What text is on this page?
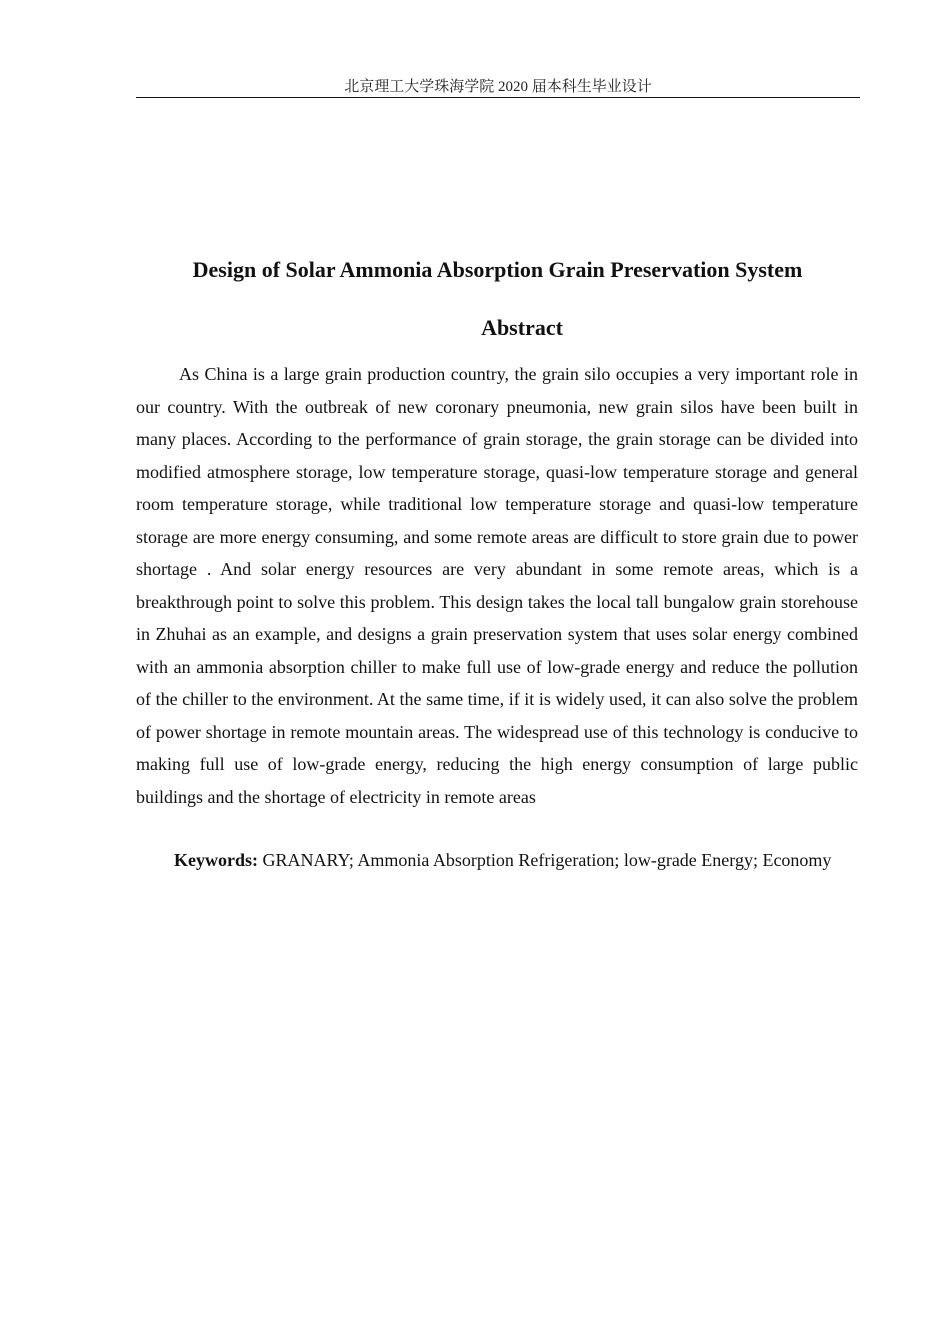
北京理工大学珠海学院 2020 届本科生毕业设计
Design of Solar Ammonia Absorption Grain Preservation System
Abstract

As China is a large grain production country, the grain silo occupies a very important role in our country. With the outbreak of new coronary pneumonia, new grain silos have been built in many places. According to the performance of grain storage, the grain storage can be divided into modified atmosphere storage, low temperature storage, quasi-low temperature storage and general room temperature storage, while traditional low temperature storage and quasi-low temperature storage are more energy consuming, and some remote areas are difficult to store grain due to power shortage . And solar energy resources are very abundant in some remote areas, which is a breakthrough point to solve this problem. This design takes the local tall bungalow grain storehouse in Zhuhai as an example, and designs a grain preservation system that uses solar energy combined with an ammonia absorption chiller to make full use of low-grade energy and reduce the pollution of the chiller to the environment. At the same time, if it is widely used, it can also solve the problem of power shortage in remote mountain areas. The widespread use of this technology is conducive to making full use of low-grade energy, reducing the high energy consumption of large public buildings and the shortage of electricity in remote areas

Keywords: GRANARY; Ammonia Absorption Refrigeration; low-grade Energy; Economy
